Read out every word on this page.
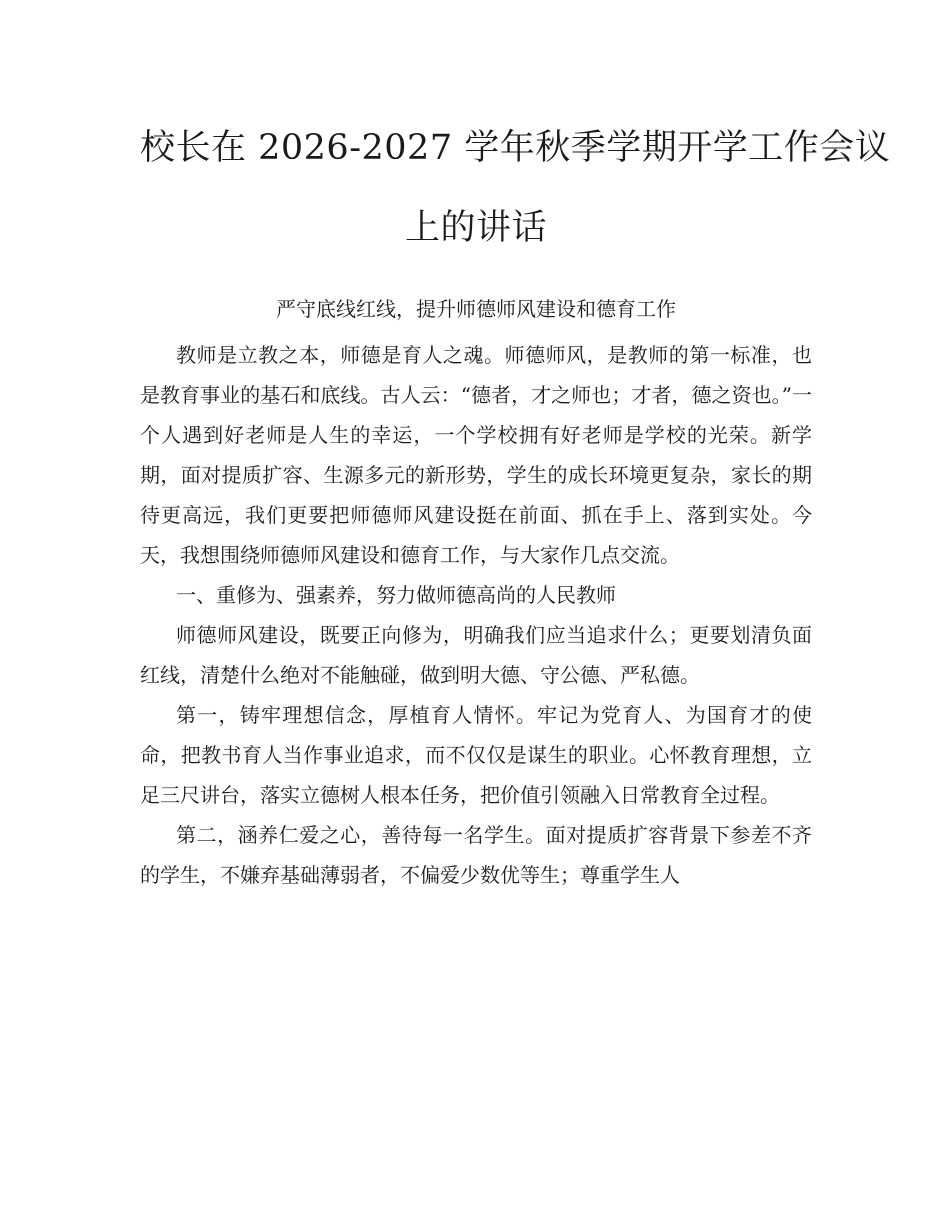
校长在 2026-2027 学年秋季学期开学工作会议
上的讲话

严守底线红线，提升师德师风建设和德育工作

教师是立教之本，师德是育人之魂。师德师风，是教师的第一标准，也是教育事业的基石和底线。古人云：“德者，才之师也；才者，德之资也。”一个人遇到好老师是人生的幸运，一个学校拥有好老师是学校的光荣。新学期，面对提质扩容、生源多元的新形势，学生的成长环境更复杂，家长的期待更高远，我们更要把师德师风建设挺在前面、抓在手上、落到实处。今天，我想围绕师德师风建设和德育工作，与大家作几点交流。

一、重修为、强素养，努力做师德高尚的人民教师

师德师风建设，既要正向修为，明确我们应当追求什么；更要划清负面红线，清楚什么绝对不能触碰，做到明大德、守公德、严私德。

第一，铸牢理想信念，厚植育人情怀。牢记为党育人、为国育才的使命，把教书育人当作事业追求，而不仅仅是谋生的职业。心怀教育理想，立足三尺讲台，落实立德树人根本任务，把价值引领融入日常教育全过程。

第二，涵养仁爱之心，善待每一名学生。面对提质扩容背景下参差不齐的学生，不嫌弃基础薄弱者，不偏爱少数优等生；尊重学生人
